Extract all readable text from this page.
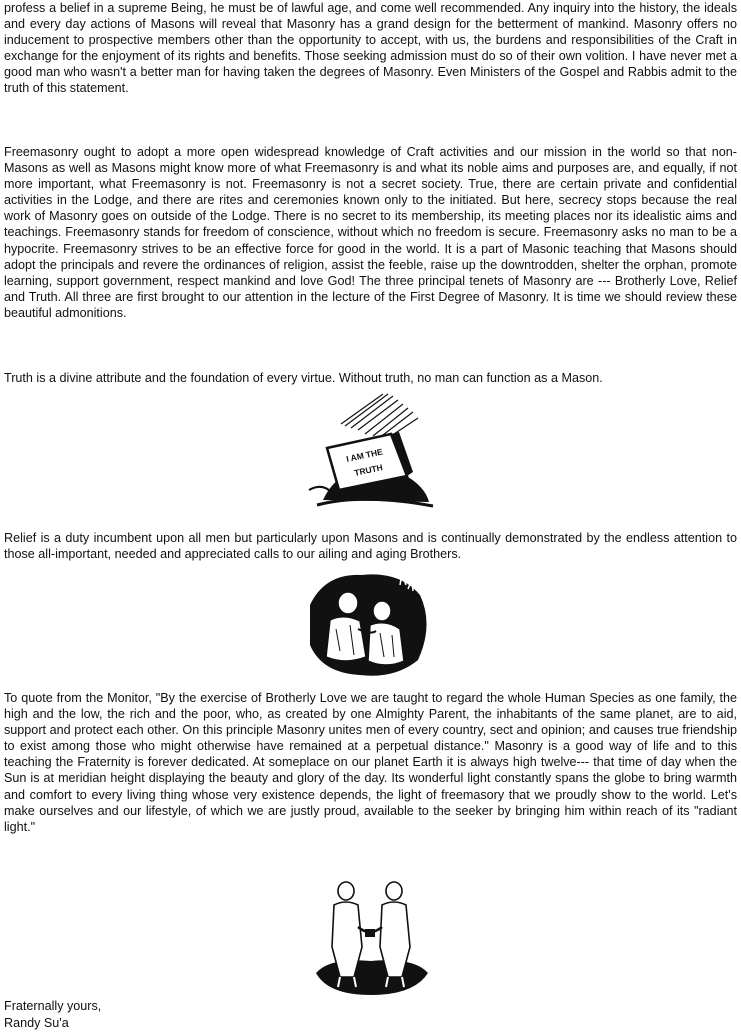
profess a belief in a supreme Being, he must be of lawful age, and come well recommended. Any inquiry into the history, the ideals and every day actions of Masons will reveal that Masonry has a grand design for the betterment of mankind. Masonry offers no inducement to prospective members other than the opportunity to accept, with us, the burdens and responsibilities of the Craft in exchange for the enjoyment of its rights and benefits. Those seeking admission must do so of their own volition. I have never met a good man who wasn't a better man for having taken the degrees of Masonry. Even Ministers of the Gospel and Rabbis admit to the truth of this statement.

Freemasonry ought to adopt a more open widespread knowledge of Craft activities and our mission in the world so that non-Masons as well as Masons might know more of what Freemasonry is and what its noble aims and purposes are, and equally, if not more important, what Freemasonry is not. Freemasonry is not a secret society. True, there are certain private and confidential activities in the Lodge, and there are rites and ceremonies known only to the initiated. But here, secrecy stops because the real work of Masonry goes on outside of the Lodge. There is no secret to its membership, its meeting places nor its idealistic aims and teachings. Freemasonry stands for freedom of conscience, without which no freedom is secure. Freemasonry asks no man to be a hypocrite. Freemasonry strives to be an effective force for good in the world. It is a part of Masonic teaching that Masons should adopt the principals and revere the ordinances of religion, assist the feeble, raise up the downtrodden, shelter the orphan, promote learning, support government, respect mankind and love God! The three principal tenets of Masonry are --- Brotherly Love, Relief and Truth. All three are first brought to our attention in the lecture of the First Degree of Masonry. It is time we should review these beautiful admonitions.

Truth is a divine attribute and the foundation of every virtue. Without truth, no man can function as a Mason.

I AM THE
TRUTH

Relief is a duty incumbent upon all men but particularly upon Masons and is continually demonstrated by the endless attention to those all-important, needed and appreciated calls to our ailing and aging Brothers.

To quote from the Monitor, "By the exercise of Brotherly Love we are taught to regard the whole Human Species as one family, the high and the low, the rich and the poor, who, as created by one Almighty Parent, the inhabitants of the same planet, are to aid, support and protect each other. On this principle Masonry unites men of every country, sect and opinion; and causes true friendship to exist among those who might otherwise have remained at a perpetual distance." Masonry is a good way of life and to this teaching the Fraternity is forever dedicated. At someplace on our planet Earth it is always high twelve--- that time of day when the Sun is at meridian height displaying the beauty and glory of the day. Its wonderful light constantly spans the globe to bring warmth and comfort to every living thing whose very existence depends, the light of freemasory that we proudly show to the world. Let's make ourselves and our lifestyle, of which we are justly proud, available to the seeker by bringing him within reach of its "radiant light."

Fraternally yours,

Randy Su'a
